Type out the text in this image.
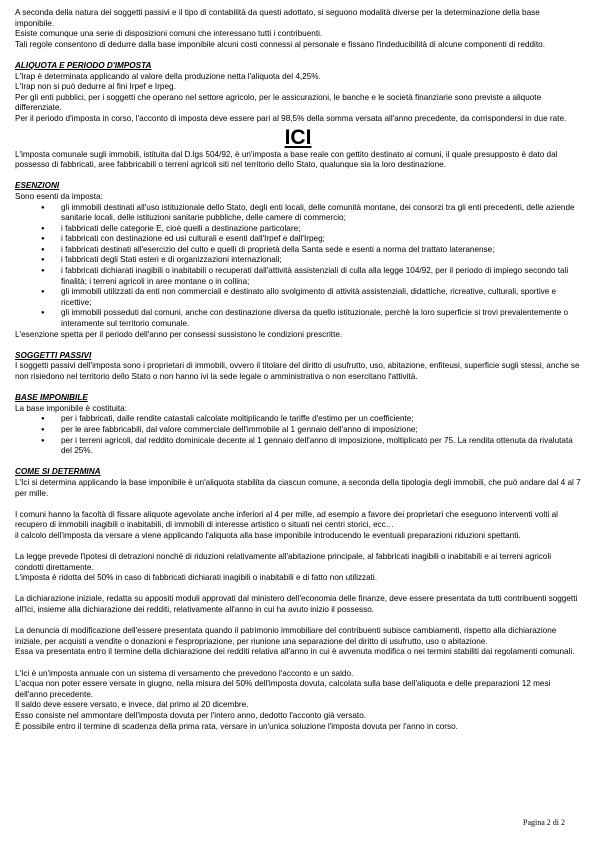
A seconda della natura dei soggetti passivi e il tipo di contabilità da questi adottato, si seguono modalità diverse per la determinazione della base imponibile.

Esiste comunque una serie di disposizioni comuni che interessano tutti i contribuenti.

Tali regole consentono di dedurre dalla base imponibile alcuni costi connessi al personale e fissano l'indeducibilità di alcune componenti di reddito.

ALIQUOTA E PERIODO D'IMPOSTA

L'Irap è determinata applicando al valore della produzione netta l'aliquota del 4,25%.

L'Irap non si può dedurre ai fini Irpef e Irpeg.

Per gli enti pubblici, per i soggetti che operano nel settore agricolo, per le assicurazioni, le banche e le società finanziarie sono previste a aliquote differenziate.

Per il periodo d'imposta in corso, l'acconto di imposta deve essere pari al 98,5% della somma versata all'anno precedente, da corrispondersi in due rate.

ICI

L'imposta comunale sugli immobili, istituita dal D.lgs 504/92, è un'imposta a base reale con gettito destinato ai comuni, il quale presupposto è dato dal possesso di fabbricati, aree fabbricabili o terreni agricoli siti nel territorio dello Stato, qualunque sia la loro destinazione.

ESENZIONI

Sono esenti da imposta:

● gli immobili destinati all'uso istituzionale dello Stato, degli enti locali, delle comunità montane, dei consorzi tra gli enti precedenti, delle aziende sanitarie locali, delle istituzioni sanitarie pubbliche, delle camere di commercio;
● i fabbricati delle categorie E, cioè quelli a destinazione particolare;
● i fabbricati con destinazione ed usi culturali e esenti dall'Irpef e dall'Irpeg;
● i fabbricati destinati all'esercizio del culto e quelli di proprietà della Santa sede e esenti a norma del trattato lateranense;
● i fabbricati degli Stati esteri e di organizzazioni internazionali;
● i fabbricati dichiarati inagibili o inabitabili o recuperati dall'attività assistenziali di culla alla legge 104/92, per il periodo di impiego secondo tali finalità; i terreni agricoli in aree montane o in collina;
● gli immobili utilizzati da enti non commerciali e destinato allo svolgimento di attività assistenziali, didattiche, ricreative, culturali, sportive e ricettive;
● gli immobili posseduti dal comuni, anche con destinazione diversa da quello istituzionale, perchè la loro superficie si trovi prevalentemente o interamente sul territorio comunale.

L'esenzione spetta per il periodo dell'anno per consessi sussistono le condizioni prescritte.

SOGGETTI PASSIVI

I soggetti passivi dell'imposta sono i proprietari di immobili, ovvero il titolare del diritto di usufrutto, uso, abitazione, enfiteusi, superficie sugli stessi, anche se non risiedono nel territorio dello Stato o non hanno ivi la sede legale o amministrativa o non esercitano l'attività.

BASE IMPONIBILE

La base imponibile è costituita:

● per i fabbricati, dalle rendite catastali calcolate moltiplicando le tariffe d'estimo per un coefficiente;
● per le aree fabbricabili, dal valore commerciale dell'immobile al 1 gennaio dell'anno di imposizione;
● per i terreni agricoli, dal reddito dominicale decente al 1 gennaio dell'anno di imposizione, moltiplicato per 75. La rendita ottenuta da rivalutata del 25%.

COME SI DETERMINA

L'Ici si determina applicando la base imponibile è un'aliquota stabilita da ciascun comune, a seconda della tipologia degli immobili, che può andare dal 4 al 7 per mille.

I comuni hanno la facoltà di fissare aliquote agevolate anche inferiori al 4 per mille, ad esempio a favore dei proprietari che eseguono interventi volti al recupero di immobili inagibili o inabitabili, di immobili di interesse artistico o situati nei centri storici, ecc…

il calcolo dell'imposta da versare a viene applicando l'aliquota alla base imponibile introducendo le eventuali preparazioni riduzioni spettanti.

La legge prevede l'ipotesi di detrazioni nonché di riduzioni relativamente all'abitazione principale, al fabbricati inagibili o inabitabili e ai terreni agricoli condotti direttamente.

L'imposta è ridotta del 50% in caso di fabbricati dichiarati inagibili o inabitabili e di fatto non utilizzati.

La dichiarazione iniziale, redatta su appositi moduli approvati dal ministero dell'economia delle finanze, deve essere presentata da tutti contribuenti soggetti all'Ici, insieme alla dichiarazione dei redditi, relativamente all'anno in cui ha avuto inizio il possesso.

La denuncia di modificazione dell'essere presentata quando il patrimonio immobiliare del contribuenti subisce cambiamenti, rispetto alla dichiarazione iniziale, per acquisti a vendite o donazioni e l'espropriazione, per riunione una separazione del diritto di usufrutto, uso o abitazione.

Essa va presentata entro il termine della dichiarazione dei redditi relativa all'anno in cui è avvenuta modifica o nei termini stabiliti dai regolamenti comunali.

L'Ici è un'imposta annuale con un sistema di versamento che prevedono l'acconto e un saldo.

L'acqua non poter essere versate in giugno, nella misura del 50% dell'imposta dovuta, calcolata sulla base dell'aliquota e delle preparazioni 12 mesi dell'anno precedente.

Il saldo deve essere versato, e invece, dal primo al 20 dicembre.

Esso consiste nel ammontare dell'imposta dovuta per l'intero anno, dedotto l'acconto già versato.

È possibile entro il termine di scadenza della prima rata, versare in un'unica soluzione l'imposta dovuta per l'anno in corso.

Pagina 2 di 2
